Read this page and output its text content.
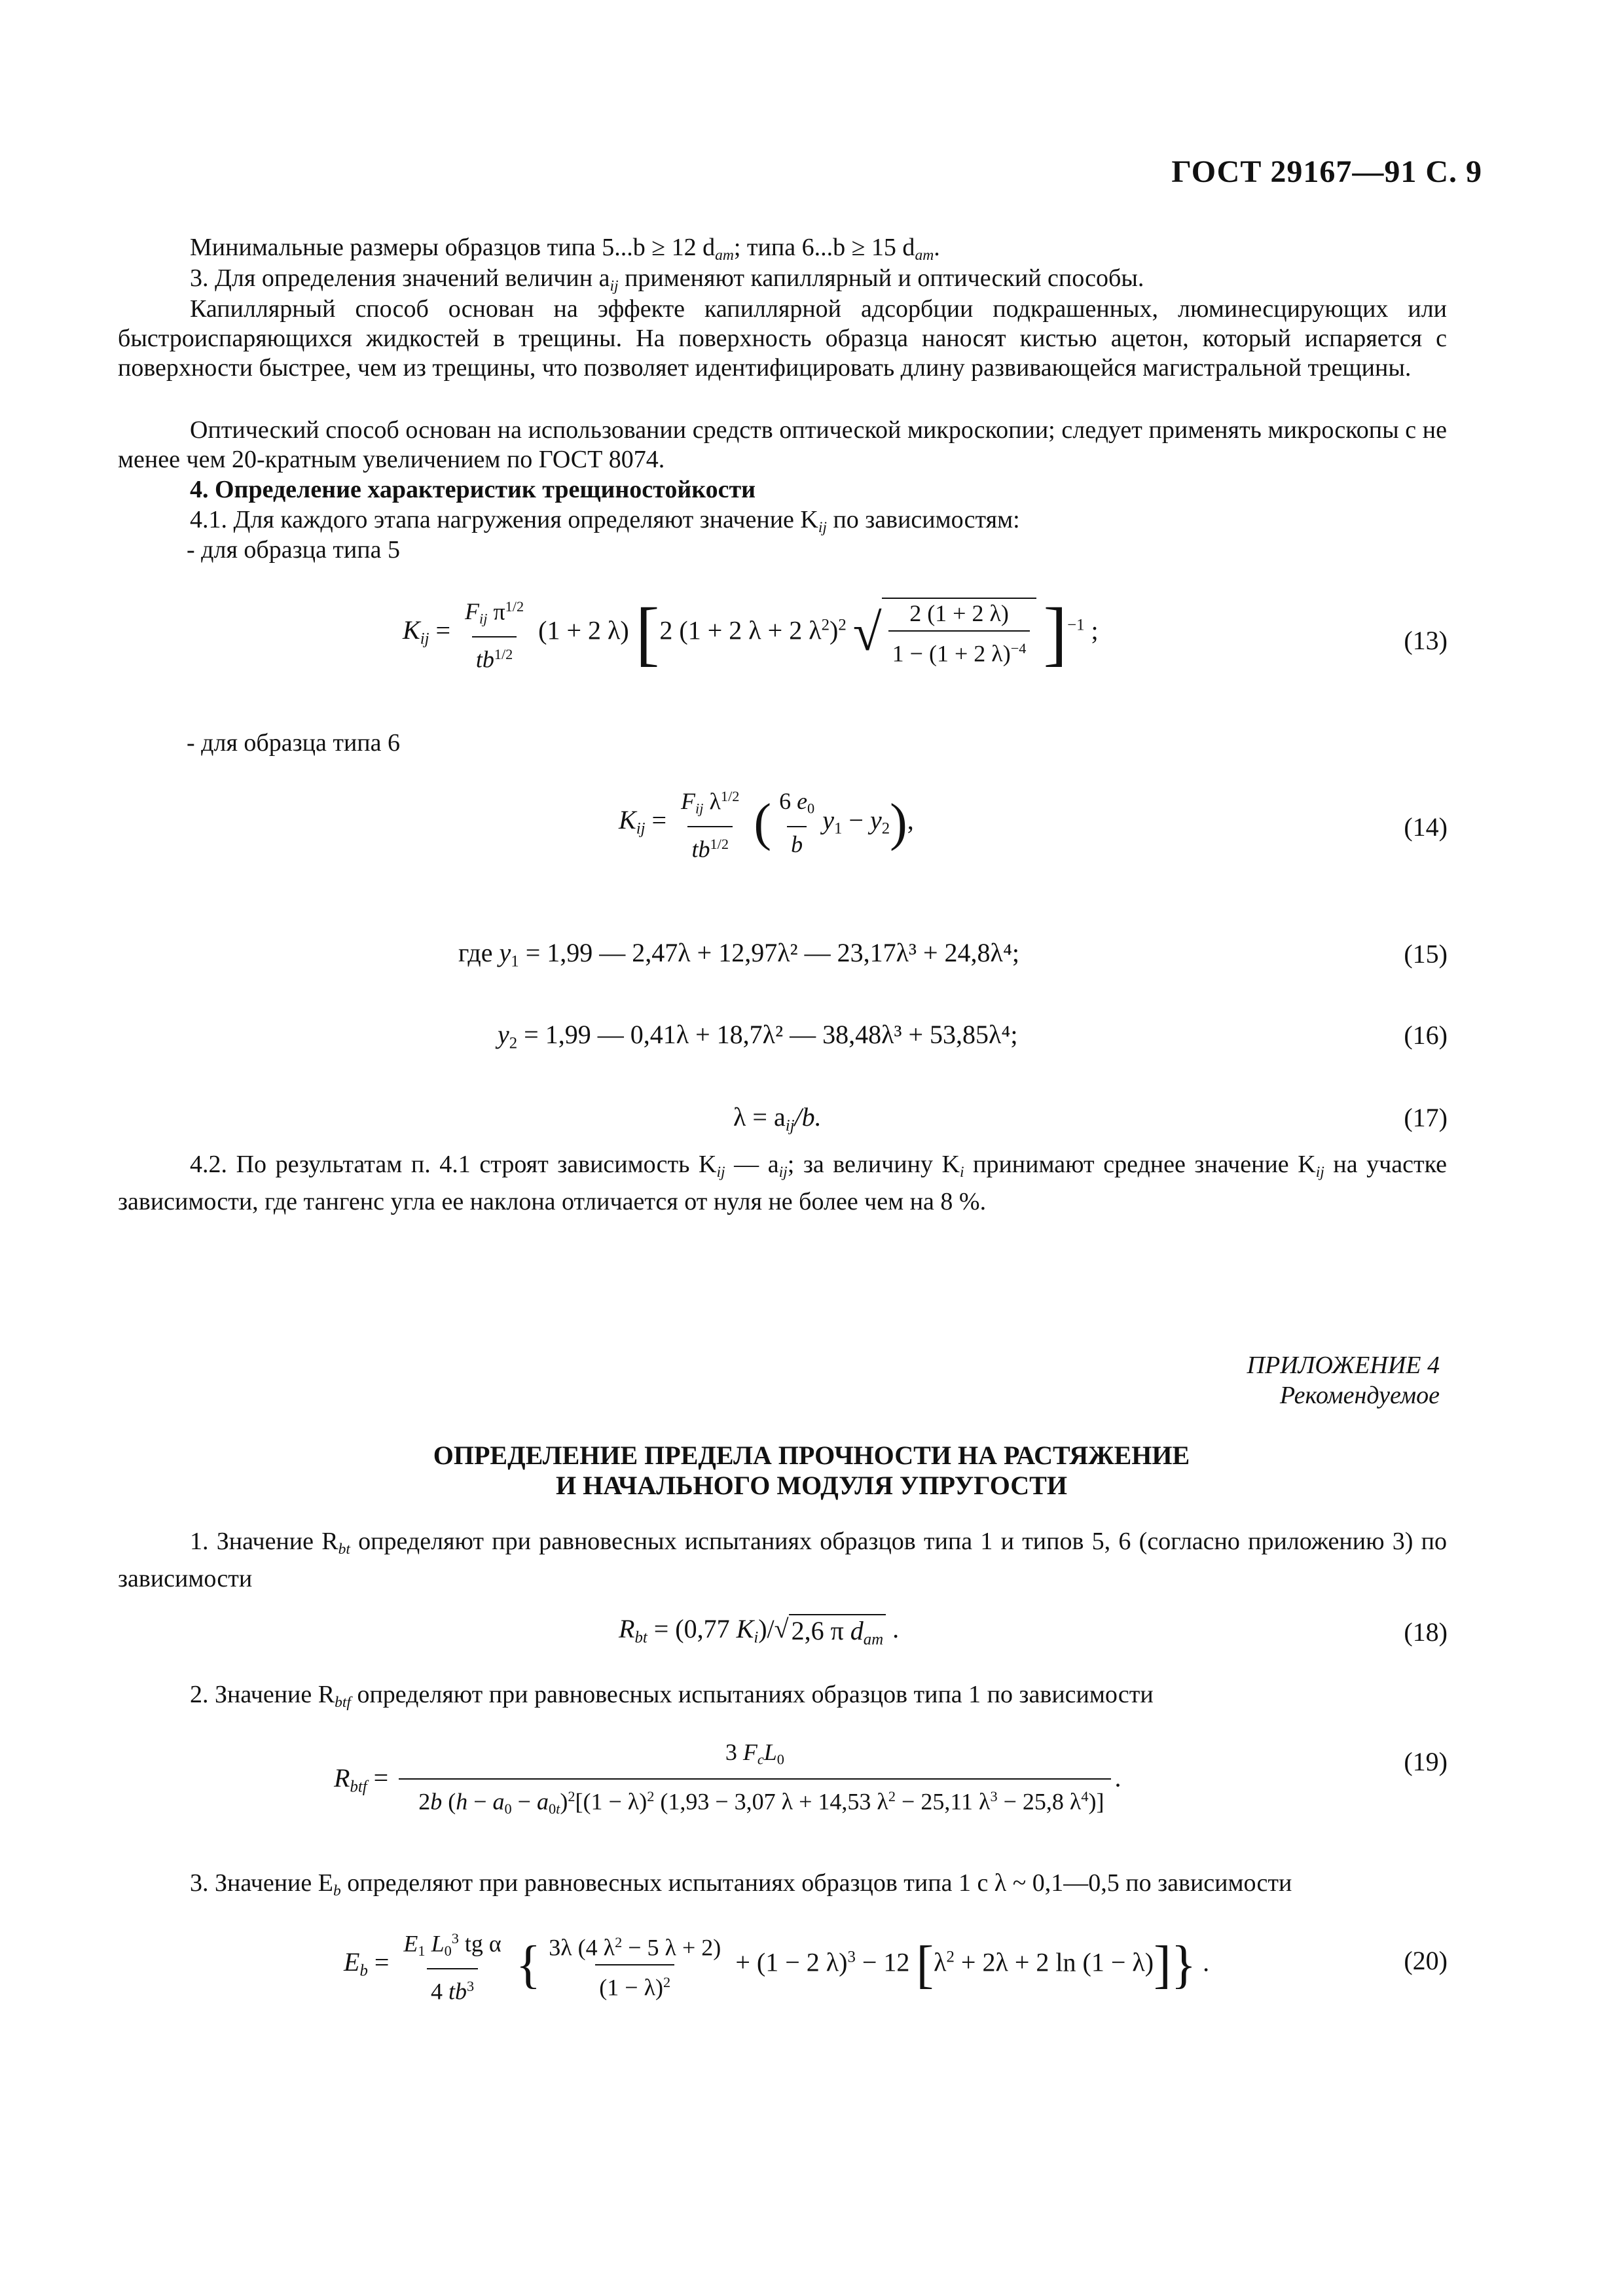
ГОСТ 29167—91 С. 9
Минимальные размеры образцов типа 5...b ≥ 12 $d_{am}$; типа 6...b ≥ 15 $d_{am}$.
3. Для определения значений величин $a_{ij}$ применяют капиллярный и оптический способы.
Капиллярный способ основан на эффекте капиллярной адсорбции подкрашенных, люминесцирующих или быстроиспаряющихся жидкостей в трещины. На поверхность образца наносят кистью ацетон, который испаряется с поверхности быстрее, чем из трещины, что позволяет идентифицировать длину развивающейся магистральной трещины.
Оптический способ основан на использовании средств оптической микроскопии; следует применять микроскопы с не менее чем 20-кратным увеличением по ГОСТ 8074.
4. Определение характеристик трещиностойкости
4.1. Для каждого этапа нагружения определяют значение $K_{ij}$ по зависимостям:
- для образца типа 5
$K_{ij}$ =
$F_{ij}$ $\pi^{1/2}$
$tb^{1/2}$
(1 + 2 λ) [2 (1 + 2 λ + 2 $\lambda^2)^2$ √ $\frac{2 (1 + 2 \lambda)}{1 - (1 + 2 \lambda)^{-4}} ]^{-1}$ ;	(13)
- для образца типа 6
$K_{ij}$ =
$F_{ij}$ $\lambda^{1/2}$
$tb^{1/2}$ ( $\frac{6 e_0}{b} y_1 - y_2$),	(14)
где $y_1 = 1,99$ — 2,47λ + 12,97λ² — 23,17λ³ + 24,8λ⁴;	(15)
$y_2 = 1,99$ — 0,41λ + 18,7λ² — 38,48λ³ + 53,85λ⁴;	(16)
$\lambda = a_{ij}/b$.	(17)
4.2. По результатам п. 4.1 строят зависимость $K_{ij}$ — $a_{ij}$; за величину $K_i$ принимают среднее значение $K_{ij}$ на участке зависимости, где тангенс угла ее наклона отличается от нуля не более чем на 8 %.
ПРИЛОЖЕНИЕ 4
Рекомендуемое
ОПРЕДЕЛЕНИЕ ПРЕДЕЛА ПРОЧНОСТИ НА РАСТЯЖЕНИЕ
И НАЧАЛЬНОГО МОДУЛЯ УПРУГОСТИ
1. Значение $R_{bt}$ определяют при равновесных испытаниях образцов типа 1 и типов 5, 6 (согласно приложению 3) по зависимости
$R_{bt} = (0,77$ $K_i)/√$ 2,6 π $d_{am}$ .	(18)
2. Значение $R_{btf}$ определяют при равновесных испытаниях образцов типа 1 по зависимости
$R_{btf}$ =
3 $F_cL_0$
2b $(h - a_0 - a_{0t})^2[(1 - \lambda)^2$ (1,93 − 3,07 λ + 14,53 $\lambda^2 - 25,11$ $\lambda^3 - 25,8$ $\lambda^4$)]
.
(19)
3. Значение $E_b$ определяют при равновесных испытаниях образцов типа 1 с λ ~ 0,1—0,5 по зависимости
$E_b = \frac{E_1 L_0^3 tg \alpha}{4 tb^3}$ { $\frac{3\lambda (4 \lambda^2 - 5 \lambda + 2)}{(1 - \lambda)^2} + (1 - 2$ λ)$^3$ − 12 [$\lambda^2 + 2\lambda + 2$ ln (1 − λ)]} .	(20)
